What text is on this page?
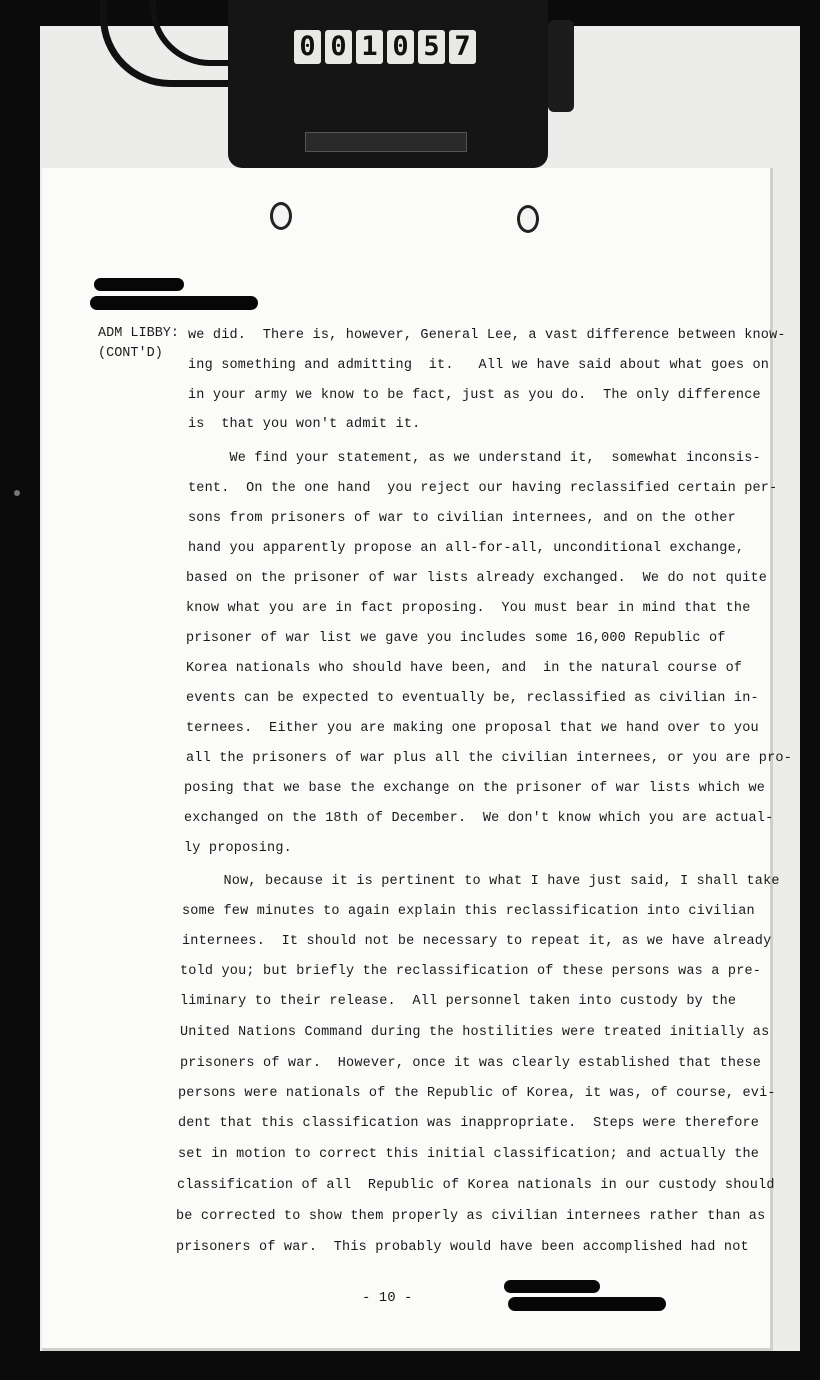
0 0 1 0 5 7
ADM LIBBY:
(CONT'D)
we did.  There is, however, General Lee, a vast difference between know-
ing something and admitting  it.   All we have said about what goes on
in your army we know to be fact, just as you do.  The only difference
is  that you won't admit it.
We find your statement, as we understand it,  somewhat inconsis-
tent.  On the one hand  you reject our having reclassified certain per-
sons from prisoners of war to civilian internees, and on the other
hand you apparently propose an all-for-all, unconditional exchange,
based on the prisoner of war lists already exchanged.  We do not quite
know what you are in fact proposing.  You must bear in mind that the
prisoner of war list we gave you includes some 16,000 Republic of
Korea nationals who should have been, and  in the natural course of
events can be expected to eventually be, reclassified as civilian in-
ternees.  Either you are making one proposal that we hand over to you
all the prisoners of war plus all the civilian internees, or you are pro-
posing that we base the exchange on the prisoner of war lists which we
exchanged on the 18th of December.  We don't know which you are actual-
ly proposing.
Now, because it is pertinent to what I have just said, I shall take
some few minutes to again explain this reclassification into civilian
internees.  It should not be necessary to repeat it, as we have already
told you; but briefly the reclassification of these persons was a pre-
liminary to their release.  All personnel taken into custody by the
United Nations Command during the hostilities were treated initially as
prisoners of war.  However, once it was clearly established that these
persons were nationals of the Republic of Korea, it was, of course, evi-
dent that this classification was inappropriate.  Steps were therefore
set in motion to correct this initial classification; and actually the
classification of all  Republic of Korea nationals in our custody should
be corrected to show them properly as civilian internees rather than as
prisoners of war.  This probably would have been accomplished had not
- 10 -
